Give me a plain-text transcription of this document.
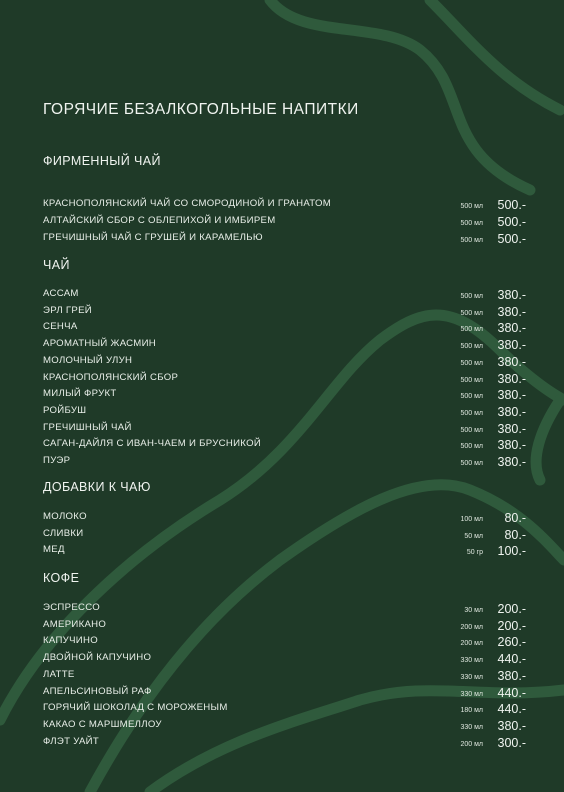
ГОРЯЧИЕ БЕЗАЛКОГОЛЬНЫЕ НАПИТКИ
ФИРМЕННЫЙ ЧАЙ
КРАСНОПОЛЯНСКИЙ ЧАЙ СО СМОРОДИНОЙ И ГРАНАТОМ	500 мл 500.-
АЛТАЙСКИЙ СБОР С ОБЛЕПИХОЙ И ИМБИРЕМ	500 мл 500.-
ГРЕЧИШНЫЙ ЧАЙ С ГРУШЕЙ И КАРАМЕЛЬЮ	500 мл 500.-
ЧАЙ
АССАМ	500 мл 380.-
ЭРЛ ГРЕЙ	500 мл 380.-
СЕНЧА	500 мл 380.-
АРОМАТНЫЙ ЖАСМИН	500 мл 380.-
МОЛОЧНЫЙ УЛУН	500 мл 380.-
КРАСНОПОЛЯНСКИЙ СБОР	500 мл 380.-
МИЛЫЙ ФРУКТ	500 мл 380.-
РОЙБУШ	500 мл 380.-
ГРЕЧИШНЫЙ ЧАЙ	500 мл 380.-
САГАН-ДАЙЛЯ С ИВАН-ЧАЕМ И БРУСНИКОЙ	500 мл 380.-
ПУЭР	500 мл 380.-
ДОБАВКИ К ЧАЮ
МОЛОКО	100 мл 80.-
СЛИВКИ	50 мл 80.-
МЕД	50 гр 100.-
КОФЕ
ЭСПРЕССО	30 мл 200.-
АМЕРИКАНО	200 мл 200.-
КАПУЧИНО	200 мл 260.-
ДВОЙНОЙ КАПУЧИНО	330 мл 440.-
ЛАТТЕ	330 мл 380.-
АПЕЛЬСИНОВЫЙ РАФ	330 мл 440.-
ГОРЯЧИЙ ШОКОЛАД С МОРОЖЕНЫМ	180 мл 440.-
КАКАО С МАРШМЕЛЛОУ	330 мл 380.-
ФЛЭТ УАЙТ	200 мл 300.-
